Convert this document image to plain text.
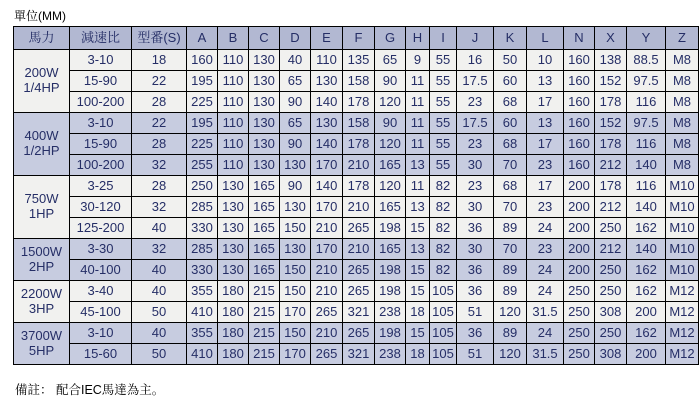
單位(MM)
馬力	減速比	型番(S)	A	B	C	D	E	F	G	H	I	J	K	L	N	X	Y	Z
200W
1/4HP	3-10	18	160	110	130	40	110	135	65	9	55	16	50	10	160	138	88.5	M8
	15-90	22	195	110	130	65	130	158	90	11	55	17.5	60	13	160	152	97.5	M8
	100-200	28	225	110	130	90	140	178	120	11	55	23	68	17	160	178	116	M8
400W
1/2HP	3-10	22	195	110	130	65	130	158	90	11	55	17.5	60	13	160	152	97.5	M8
	15-90	28	225	110	130	90	140	178	120	11	55	23	68	17	160	178	116	M8
	100-200	32	255	110	130	130	170	210	165	13	55	30	70	23	160	212	140	M8
750W
1HP	3-25	28	250	130	165	90	140	178	120	11	82	23	68	17	200	178	116	M10
	30-120	32	285	130	165	130	170	210	165	13	82	30	70	23	200	212	140	M10
	125-200	40	330	130	165	150	210	265	198	15	82	36	89	24	200	250	162	M10
1500W
2HP	3-30	32	285	130	165	130	170	210	165	13	82	30	70	23	200	212	140	M10
	40-100	40	330	130	165	150	210	265	198	15	82	36	89	24	200	250	162	M10
2200W
3HP	3-40	40	355	180	215	150	210	265	198	15	105	36	89	24	250	250	162	M12
	45-100	50	410	180	215	170	265	321	238	18	105	51	120	31.5	250	308	200	M12
3700W
5HP	3-10	40	355	180	215	150	210	265	198	15	105	36	89	24	250	250	162	M12
	15-60	50	410	180	215	170	265	321	238	18	105	51	120	31.5	250	308	200	M12
備註： 配合IEC馬達為主。
